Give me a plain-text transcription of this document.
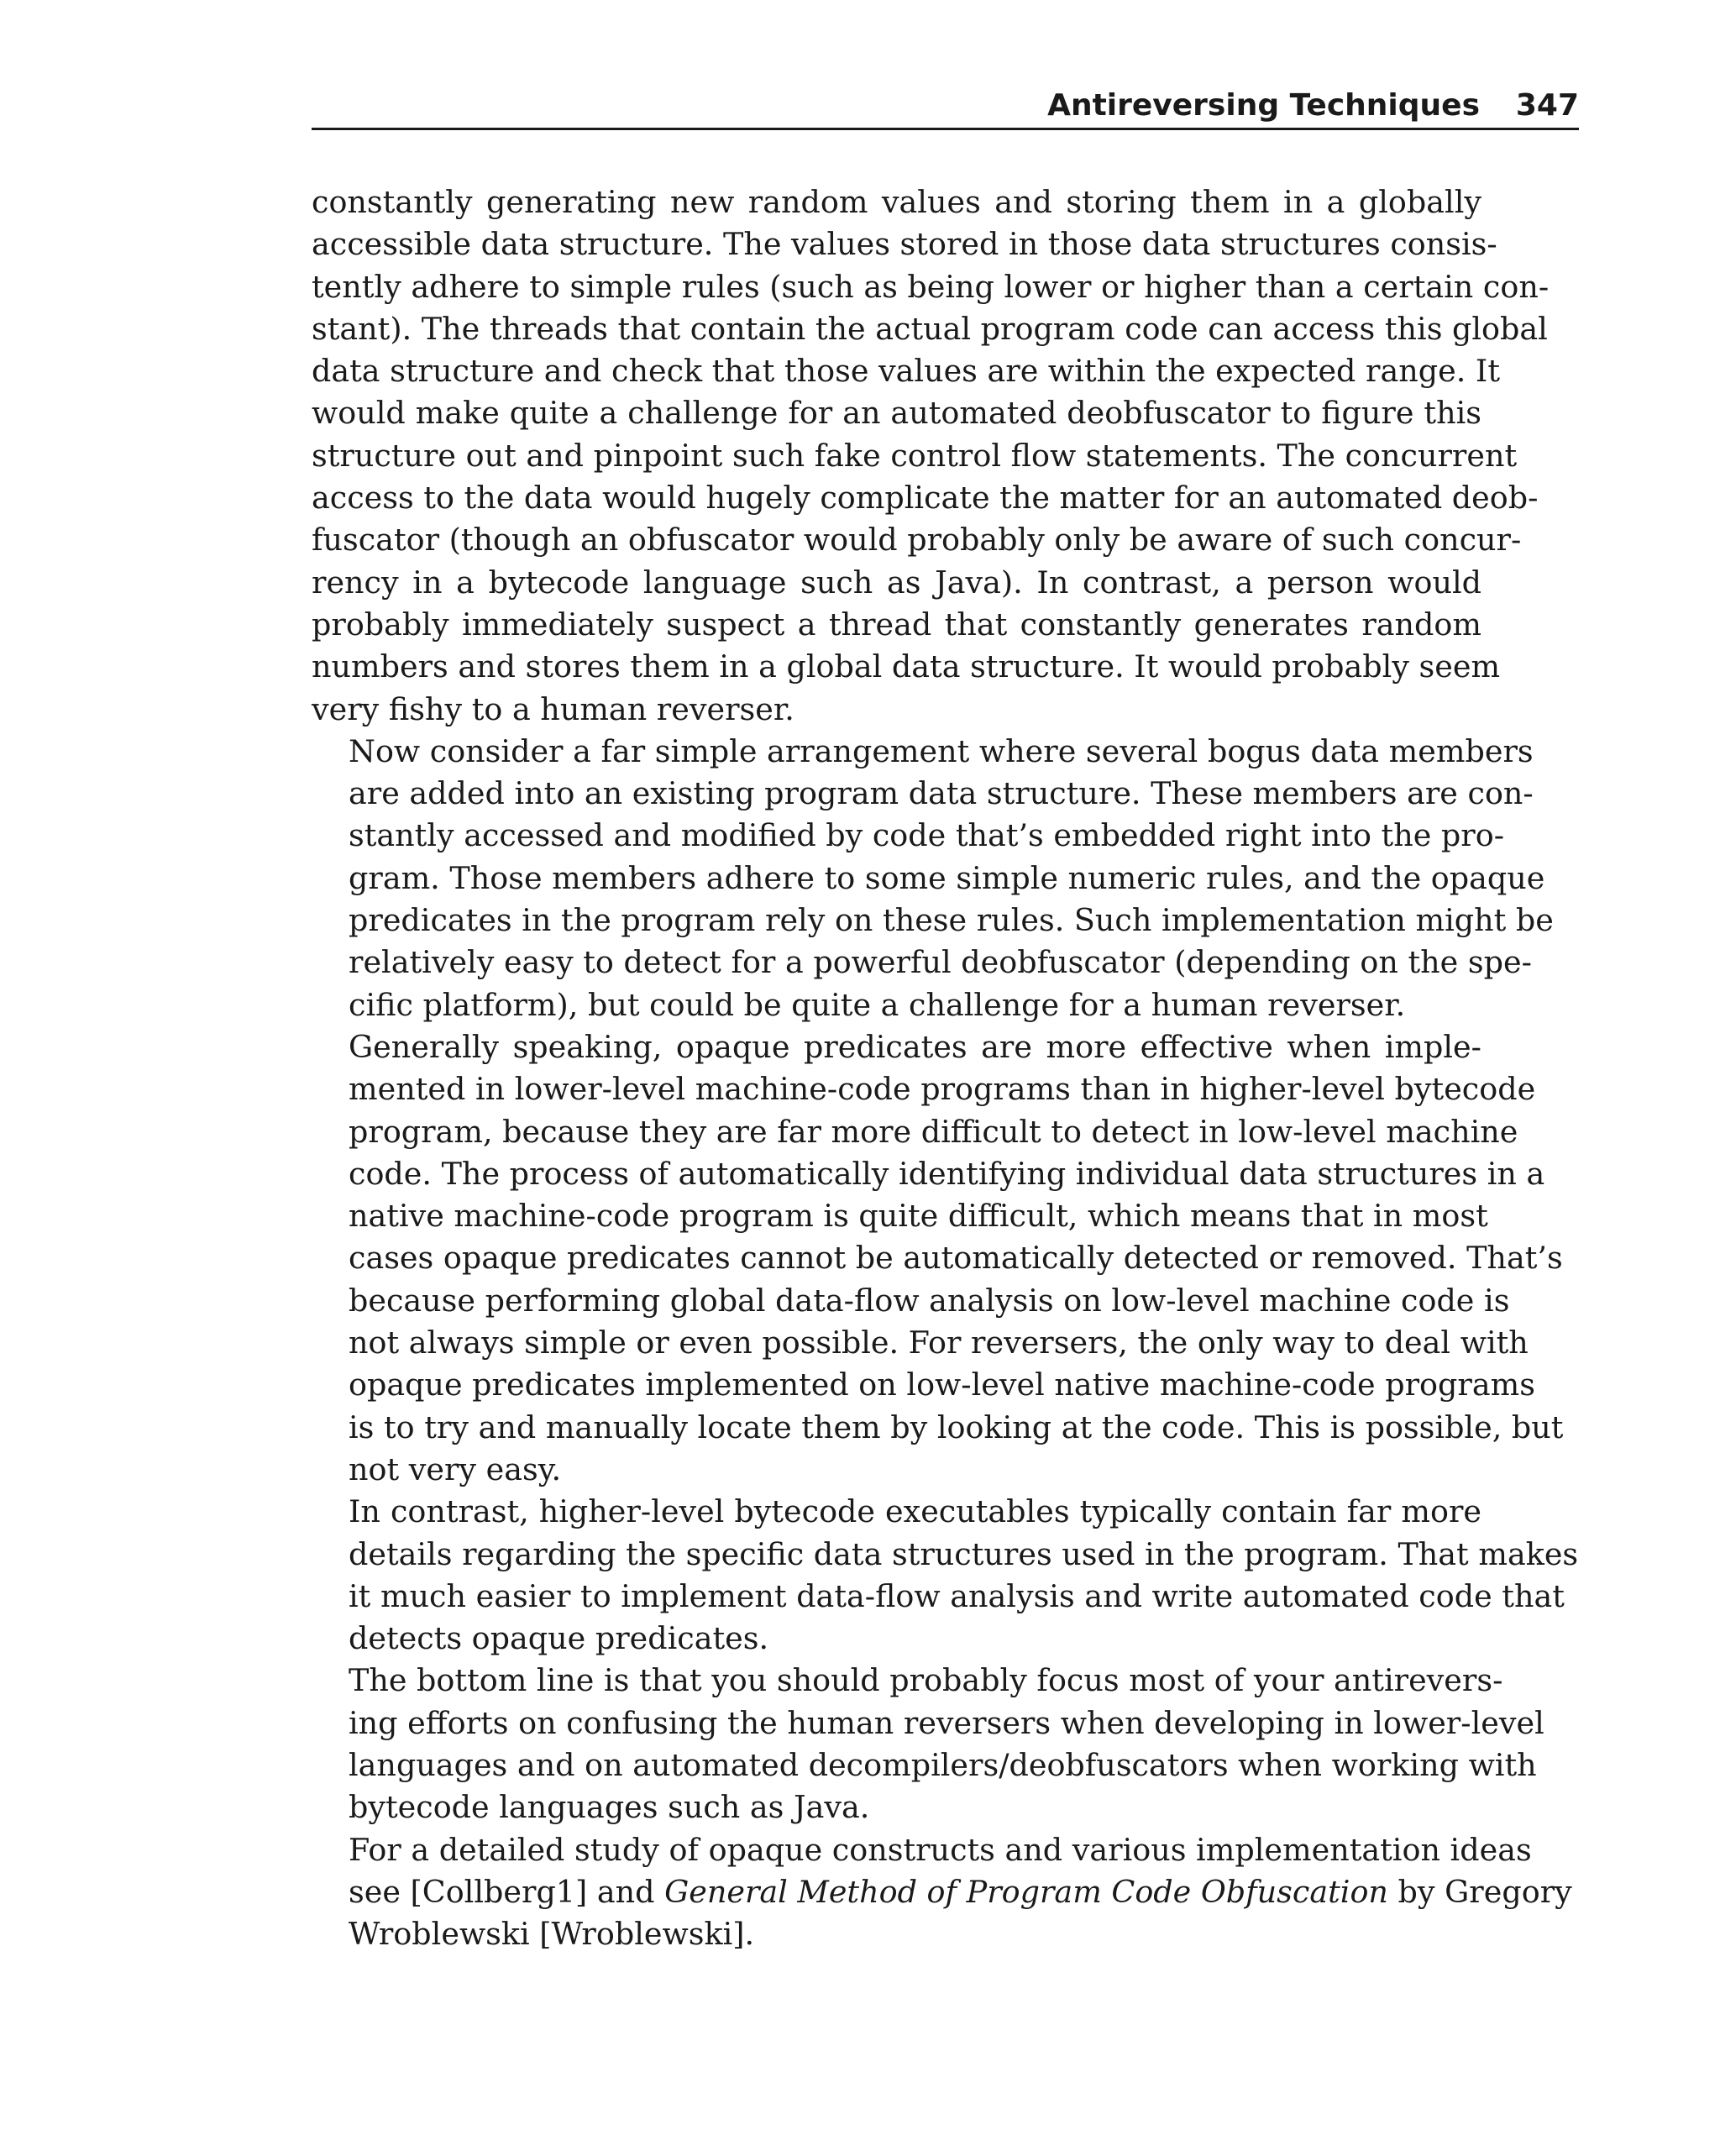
Antireversing Techniques 347

constantly generating new random values and storing them in a globally
accessible data structure. The values stored in those data structures consis-
tently adhere to simple rules (such as being lower or higher than a certain con-
stant). The threads that contain the actual program code can access this global
data structure and check that those values are within the expected range. It
would make quite a challenge for an automated deobfuscator to figure this
structure out and pinpoint such fake control flow statements. The concurrent
access to the data would hugely complicate the matter for an automated deob-
fuscator (though an obfuscator would probably only be aware of such concur-
rency in a bytecode language such as Java). In contrast, a person would
probably immediately suspect a thread that constantly generates random
numbers and stores them in a global data structure. It would probably seem
very fishy to a human reverser.

Now consider a far simple arrangement where several bogus data members
are added into an existing program data structure. These members are con-
stantly accessed and modified by code that’s embedded right into the pro-
gram. Those members adhere to some simple numeric rules, and the opaque
predicates in the program rely on these rules. Such implementation might be
relatively easy to detect for a powerful deobfuscator (depending on the spe-
cific platform), but could be quite a challenge for a human reverser.

Generally speaking, opaque predicates are more effective when imple-
mented in lower-level machine-code programs than in higher-level bytecode
program, because they are far more difficult to detect in low-level machine
code. The process of automatically identifying individual data structures in a
native machine-code program is quite difficult, which means that in most
cases opaque predicates cannot be automatically detected or removed. That’s
because performing global data-flow analysis on low-level machine code is
not always simple or even possible. For reversers, the only way to deal with
opaque predicates implemented on low-level native machine-code programs
is to try and manually locate them by looking at the code. This is possible, but
not very easy.

In contrast, higher-level bytecode executables typically contain far more
details regarding the specific data structures used in the program. That makes
it much easier to implement data-flow analysis and write automated code that
detects opaque predicates.

The bottom line is that you should probably focus most of your antirevers-
ing efforts on confusing the human reversers when developing in lower-level
languages and on automated decompilers/deobfuscators when working with
bytecode languages such as Java.

For a detailed study of opaque constructs and various implementation ideas
see [Collberg1] and General Method of Program Code Obfuscation by Gregory
Wroblewski [Wroblewski].
